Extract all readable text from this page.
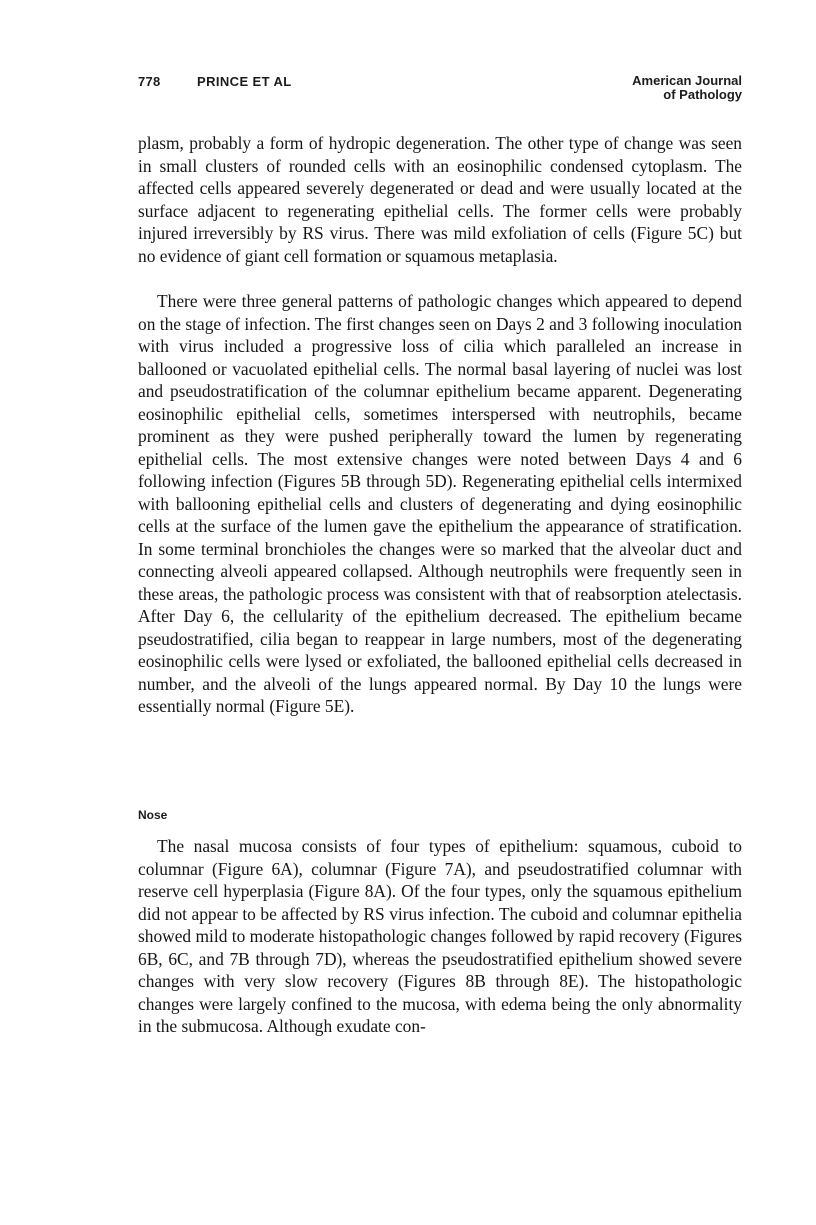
778	PRINCE ET AL	American Journal
of Pathology

plasm, probably a form of hydropic degeneration. The other type of change was seen in small clusters of rounded cells with an eosinophilic condensed cytoplasm. The affected cells appeared severely degenerated or dead and were usually located at the surface adjacent to regenerating epithelial cells. The former cells were probably injured irreversibly by RS virus. There was mild exfoliation of cells (Figure 5C) but no evidence of giant cell formation or squamous metaplasia.

There were three general patterns of pathologic changes which appeared to depend on the stage of infection. The first changes seen on Days 2 and 3 following inoculation with virus included a progressive loss of cilia which paralleled an increase in ballooned or vacuolated epithelial cells. The normal basal layering of nuclei was lost and pseudostratification of the columnar epithelium became apparent. Degenerating eosinophilic epithelial cells, sometimes interspersed with neutrophils, became prominent as they were pushed peripherally toward the lumen by regenerating epithelial cells. The most extensive changes were noted between Days 4 and 6 following infection (Figures 5B through 5D). Regenerating epithelial cells intermixed with ballooning epithelial cells and clusters of degenerating and dying eosinophilic cells at the surface of the lumen gave the epithelium the appearance of stratification. In some terminal bronchioles the changes were so marked that the alveolar duct and connecting alveoli appeared collapsed. Although neutrophils were frequently seen in these areas, the pathologic process was consistent with that of reabsorption atelectasis. After Day 6, the cellularity of the epithelium decreased. The epithelium became pseudostratified, cilia began to reappear in large numbers, most of the degenerating eosinophilic cells were lysed or exfoliated, the ballooned epithelial cells decreased in number, and the alveoli of the lungs appeared normal. By Day 10 the lungs were essentially normal (Figure 5E).

Nose

The nasal mucosa consists of four types of epithelium: squamous, cuboid to columnar (Figure 6A), columnar (Figure 7A), and pseudostratified columnar with reserve cell hyperplasia (Figure 8A). Of the four types, only the squamous epithelium did not appear to be affected by RS virus infection. The cuboid and columnar epithelia showed mild to moderate histopathologic changes followed by rapid recovery (Figures 6B, 6C, and 7B through 7D), whereas the pseudostratified epithelium showed severe changes with very slow recovery (Figures 8B through 8E). The histopathologic changes were largely confined to the mucosa, with edema being the only abnormality in the submucosa. Although exudate con-
